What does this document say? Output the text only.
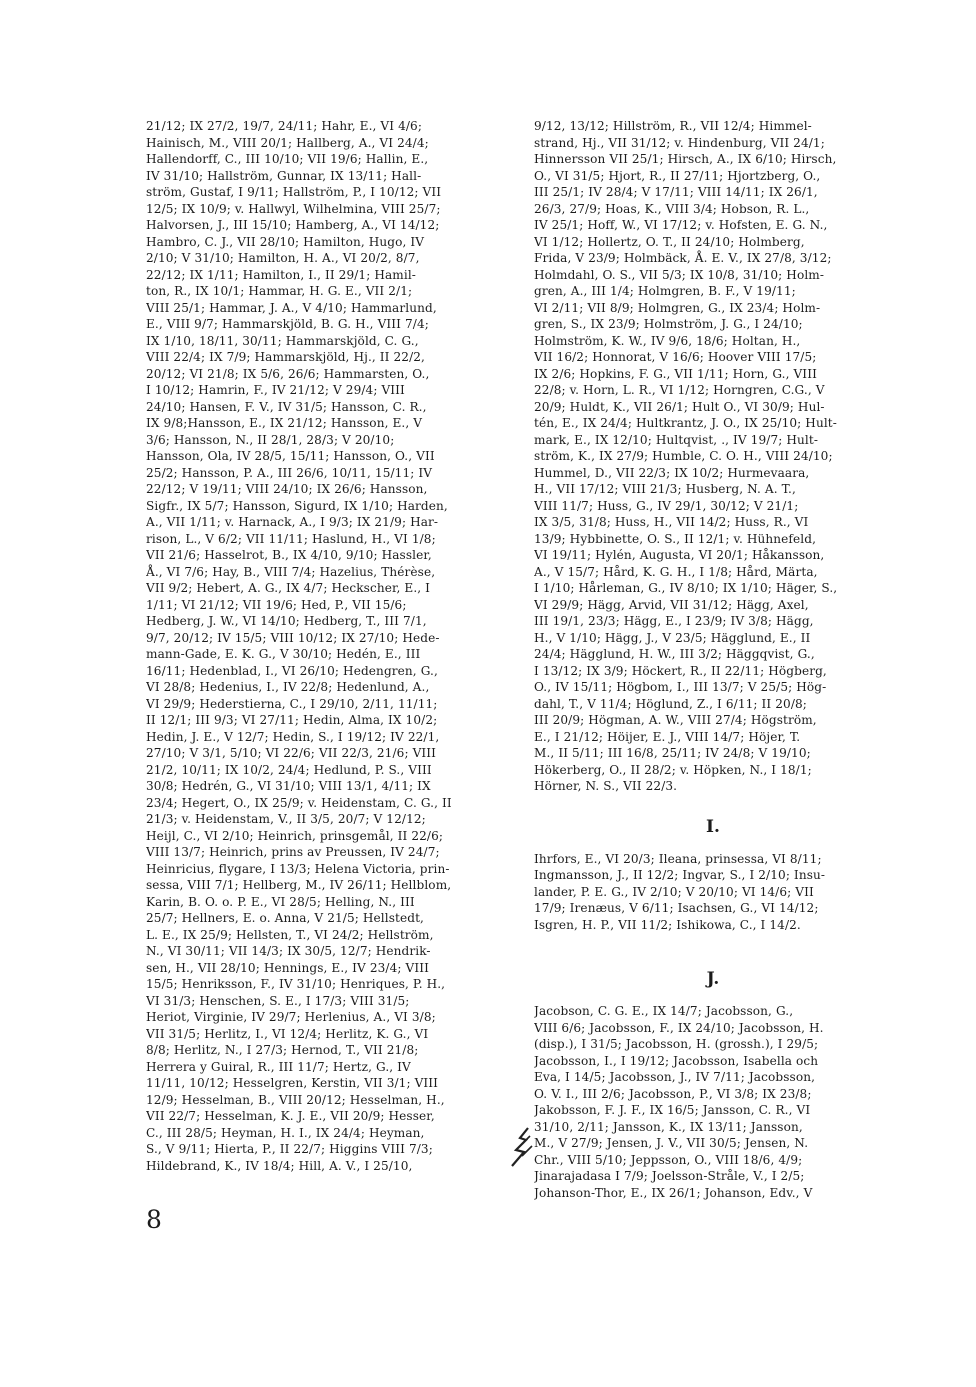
21/12; IX 27/2, 19/7, 24/11; Hahr, E., VI 4/6;
Hainisch, M., VIII 20/1; Hallberg, A., VI 24/4;
Hallendorff, C., III 10/10; VII 19/6; Hallin, E.,
IV 31/10; Hallström, Gunnar, IX 13/11; Hall-
ström, Gustaf, I 9/11; Hallström, P., I 10/12; VII
12/5; IX 10/9; v. Hallwyl, Wilhelmina, VIII 25/7;
Halvorsen, J., III 15/10; Hamberg, A., VI 14/12;
Hambro, C. J., VII 28/10; Hamilton, Hugo, IV
2/10; V 31/10; Hamilton, H. A., VI 20/2, 8/7,
22/12; IX 1/11; Hamilton, I., II 29/1; Hamil-
ton, R., IX 10/1; Hammar, H. G. E., VII 2/1;
VIII 25/1; Hammar, J. A., V 4/10; Hammarlund,
E., VIII 9/7; Hammarskjöld, B. G. H., VIII 7/4;
IX 1/10, 18/11, 30/11; Hammarskjöld, C. G.,
VIII 22/4; IX 7/9; Hammarskjöld, Hj., II 22/2,
20/12; VI 21/8; IX 5/6, 26/6; Hammarsten, O.,
I 10/12; Hamrin, F., IV 21/12; V 29/4; VIII
24/10; Hansen, F. V., IV 31/5; Hansson, C. R.,
IX 9/8;Hansson, E., IX 21/12; Hansson, E., V
3/6; Hansson, N., II 28/1, 28/3; V 20/10;
Hansson, Ola, IV 28/5, 15/11; Hansson, O., VII
25/2; Hansson, P. A., III 26/6, 10/11, 15/11; IV
22/12; V 19/11; VIII 24/10; IX 26/6; Hansson,
Sigfr., IX 5/7; Hansson, Sigurd, IX 1/10; Harden,
A., VII 1/11; v. Harnack, A., I 9/3; IX 21/9; Har-
rison, L., V 6/2; VII 11/11; Haslund, H., VI 1/8;
VII 21/6; Hasselrot, B., IX 4/10, 9/10; Hassler,
Å., VI 7/6; Hay, B., VIII 7/4; Hazelius, Thérèse,
VII 9/2; Hebert, A. G., IX 4/7; Heckscher, E., I
1/11; VI 21/12; VII 19/6; Hed, P., VII 15/6;
Hedberg, J. W., VI 14/10; Hedberg, T., III 7/1,
9/7, 20/12; IV 15/5; VIII 10/12; IX 27/10; Hede-
mann-Gade, E. K. G., V 30/10; Hedén, E., III
16/11; Hedenblad, I., VI 26/10; Hedengren, G.,
VI 28/8; Hedenius, I., IV 22/8; Hedenlund, A.,
VI 29/9; Hederstierna, C., I 29/10, 2/11, 11/11;
II 12/1; III 9/3; VI 27/11; Hedin, Alma, IX 10/2;
Hedin, J. E., V 12/7; Hedin, S., I 19/12; IV 22/1,
27/10; V 3/1, 5/10; VI 22/6; VII 22/3, 21/6; VIII
21/2, 10/11; IX 10/2, 24/4; Hedlund, P. S., VIII
30/8; Hedrén, G., VI 31/10; VIII 13/1, 4/11; IX
23/4; Hegert, O., IX 25/9; v. Heidenstam, C. G., II
21/3; v. Heidenstam, V., II 3/5, 20/7; V 12/12;
Heijl, C., VI 2/10; Heinrich, prinsgemål, II 22/6;
VIII 13/7; Heinrich, prins av Preussen, IV 24/7;
Heinricius, flygare, I 13/3; Helena Victoria, prin-
sessa, VIII 7/1; Hellberg, M., IV 26/11; Hellblom,
Karin, B. O. o. P. E., VI 28/5; Helling, N., III
25/7; Hellners, E. o. Anna, V 21/5; Hellstedt,
L. E., IX 25/9; Hellsten, T., VI 24/2; Hellström,
N., VI 30/11; VII 14/3; IX 30/5, 12/7; Hendrik-
sen, H., VII 28/10; Hennings, E., IV 23/4; VIII
15/5; Henriksson, F., IV 31/10; Henriques, P. H.,
VI 31/3; Henschen, S. E., I 17/3; VIII 31/5;
Heriot, Virginie, IV 29/7; Herlenius, A., VI 3/8;
VII 31/5; Herlitz, I., VI 12/4; Herlitz, K. G., VI
8/8; Herlitz, N., I 27/3; Hernod, T., VII 21/8;
Herrera y Guiral, R., III 11/7; Hertz, G., IV
11/11, 10/12; Hesselgren, Kerstin, VII 3/1; VIII
12/9; Hesselman, B., VIII 20/12; Hesselman, H.,
VII 22/7; Hesselman, K. J. E., VII 20/9; Hesser,
C., III 28/5; Heyman, H. I., IX 24/4; Heyman,
S., V 9/11; Hierta, P., II 22/7; Higgins VIII 7/3;
Hildebrand, K., IV 18/4; Hill, A. V., I 25/10,
9/12, 13/12; Hillström, R., VII 12/4; Himmel-
strand, Hj., VII 31/12; v. Hindenburg, VII 24/1;
Hinnersson VII 25/1; Hirsch, A., IX 6/10; Hirsch,
O., VI 31/5; Hjort, R., II 27/11; Hjortzberg, O.,
III 25/1; IV 28/4; V 17/11; VIII 14/11; IX 26/1,
26/3, 27/9; Hoas, K., VIII 3/4; Hobson, R. L.,
IV 25/1; Hoff, W., VI 17/12; v. Hofsten, E. G. N.,
VI 1/12; Hollertz, O. T., II 24/10; Holmberg,
Frida, V 23/9; Holmbäck, Å. E. V., IX 27/8, 3/12;
Holmdahl, O. S., VII 5/3; IX 10/8, 31/10; Holm-
gren, A., III 1/4; Holmgren, B. F., V 19/11;
VI 2/11; VII 8/9; Holmgren, G., IX 23/4; Holm-
gren, S., IX 23/9; Holmström, J. G., I 24/10;
Holmström, K. W., IV 9/6, 18/6; Holtan, H.,
VII 16/2; Honnorat, V 16/6; Hoover VIII 17/5;
IX 2/6; Hopkins, F. G., VII 1/11; Horn, G., VIII
22/8; v. Horn, L. R., VI 1/12; Horngren, C.G., V
20/9; Huldt, K., VII 26/1; Hult O., VI 30/9; Hul-
tén, E., IX 24/4; Hultkrantz, J. O., IX 25/10; Hult-
mark, E., IX 12/10; Hultqvist, ., IV 19/7; Hult-
ström, K., IX 27/9; Humble, C. O. H., VIII 24/10;
Hummel, D., VII 22/3; IX 10/2; Hurmevaara,
H., VII 17/12; VIII 21/3; Husberg, N. A. T.,
VIII 11/7; Huss, G., IV 29/1, 30/12; V 21/1;
IX 3/5, 31/8; Huss, H., VII 14/2; Huss, R., VI
13/9; Hybbinette, O. S., II 12/1; v. Hühnefeld,
VI 19/11; Hylén, Augusta, VI 20/1; Håkansson,
A., V 15/7; Hård, K. G. H., I 1/8; Hård, Märta,
I 1/10; Hårleman, G., IV 8/10; IX 1/10; Häger, S.,
VI 29/9; Hägg, Arvid, VII 31/12; Hägg, Axel,
III 19/1, 23/3; Hägg, E., I 23/9; IV 3/8; Hägg,
H., V 1/10; Hägg, J., V 23/5; Hägglund, E., II
24/4; Hägglund, H. W., III 3/2; Häggqvist, G.,
I 13/12; IX 3/9; Höckert, R., II 22/11; Högberg,
O., IV 15/11; Högbom, I., III 13/7; V 25/5; Hög-
dahl, T., V 11/4; Höglund, Z., I 6/11; II 20/8;
III 20/9; Högman, A. W., VIII 27/4; Högström,
E., I 21/12; Höijer, E. J., VIII 14/7; Höjer, T.
M., II 5/11; III 16/8, 25/11; IV 24/8; V 19/10;
Hökerberg, O., II 28/2; v. Höpken, N., I 18/1;
Hörner, N. S., VII 22/3.
I.
Ihrfors, E., VI 20/3; Ileana, prinsessa, VI 8/11;
Ingmansson, J., II 12/2; Ingvar, S., I 2/10; Insu-
lander, P. E. G., IV 2/10; V 20/10; VI 14/6; VII
17/9; Irenæus, V 6/11; Isachsen, G., VI 14/12;
Isgren, H. P., VII 11/2; Ishikowa, C., I 14/2.
J.
Jacobson, C. G. E., IX 14/7; Jacobsson, G.,
VIII 6/6; Jacobsson, F., IX 24/10; Jacobsson, H.
(disp.), I 31/5; Jacobsson, H. (grossh.), I 29/5;
Jacobsson, I., I 19/12; Jacobsson, Isabella och
Eva, I 14/5; Jacobsson, J., IV 7/11; Jacobsson,
O. V. I., III 2/6; Jacobsson, P., VI 3/8; IX 23/8;
Jakobsson, F. J. F., IX 16/5; Jansson, C. R., VI
31/10, 2/11; Jansson, K., IX 13/11; Jansson,
M., V 27/9; Jensen, J. V., VII 30/5; Jensen, N.
Chr., VIII 5/10; Jeppsson, O., VIII 18/6, 4/9;
Jinarajadasa I 7/9; Joelsson-Stråle, V., I 2/5;
Johanson-Thor, E., IX 26/1; Johanson, Edv., V
8
